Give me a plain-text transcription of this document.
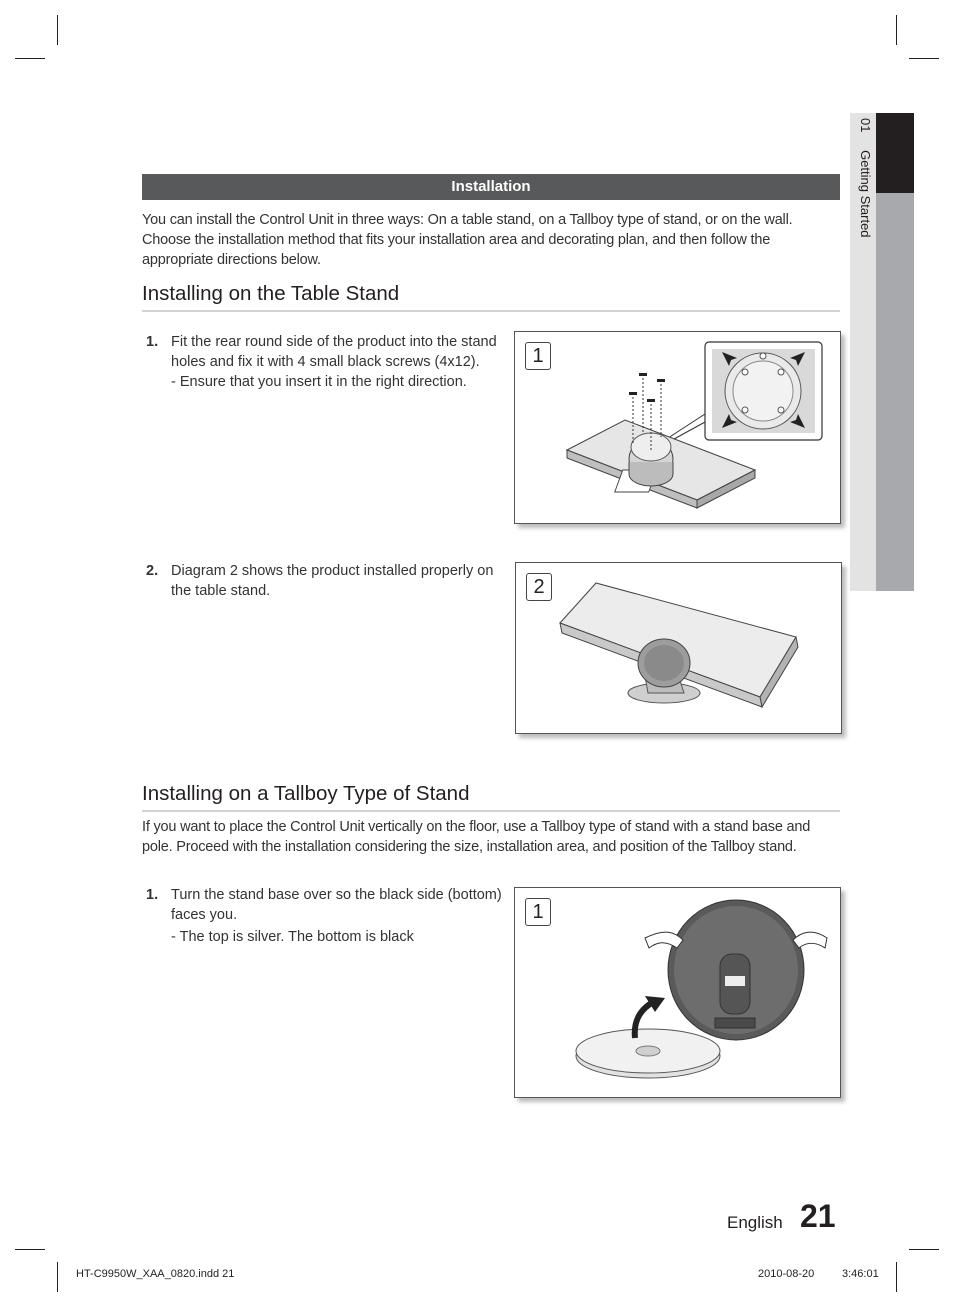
01 Getting Started
Installation
You can install the Control Unit in three ways: On a table stand, on a Tallboy type of stand, or on the wall. Choose the installation method that fits your installation area and decorating plan, and then follow the appropriate directions below.
Installing on the Table Stand
1. Fit the rear round side of the product into the stand holes and fix it with 4 small black screws (4x12).
- Ensure that you insert it in the right direction.
1
2. Diagram 2 shows the product installed properly on the table stand.	2
Installing on a Tallboy Type of Stand
If you want to place the Control Unit vertically on the floor, use a Tallboy type of stand with a stand base and pole. Proceed with the installation considering the size, installation area, and position of the Tallboy stand.
1. Turn the stand base over so the black side (bottom) faces you.
- The top is silver. The bottom is black
1
English 21
HT-C9950W_XAA_0820.indd 21	2010-08-20	3:46:01
